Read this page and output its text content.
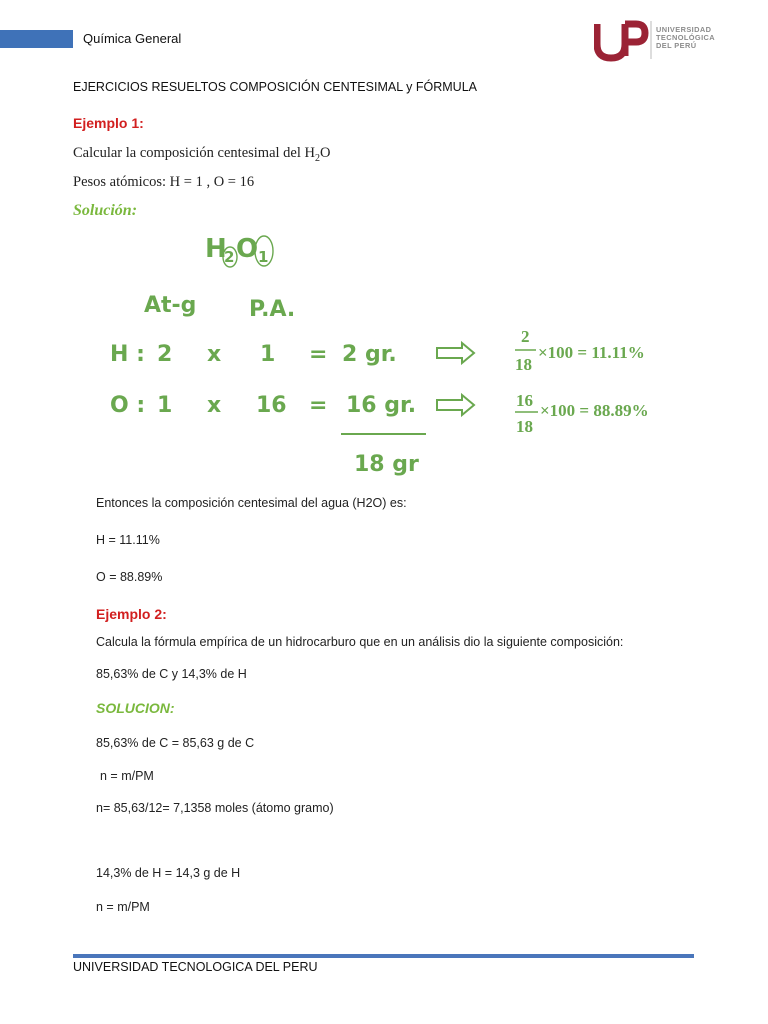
Química General
UNIVERSIDAD
TECNOLÓGICA
DEL PERÚ
EJERCICIOS RESUELTOS COMPOSICIÓN CENTESIMAL y FÓRMULA
Ejemplo 1:
Calcular la composición centesimal del $H_2O$
Pesos atómicos: H = 1 , O = 16
Solución:
H
2 O 1
At-g P.A.
H : 2 x 1 = 2 gr.
O : 1 x 16 = 16 gr.
18 gr
2
18
×100 = 11.11%
16
18
×100 = 88.89%
Entonces la composición centesimal del agua (H2O) es:
H = 11.11%
O = 88.89%
Ejemplo 2:
Calcula la fórmula empírica de un hidrocarburo que en un análisis dio la siguiente composición:
85,63% de C y 14,3% de H
SOLUCION:
85,63% de C = 85,63 g de C
n = m/PM
n= 85,63/12= 7,1358 moles (átomo gramo)
14,3% de H = 14,3 g de H
n = m/PM
UNIVERSIDAD TECNOLOGICA DEL PERU
